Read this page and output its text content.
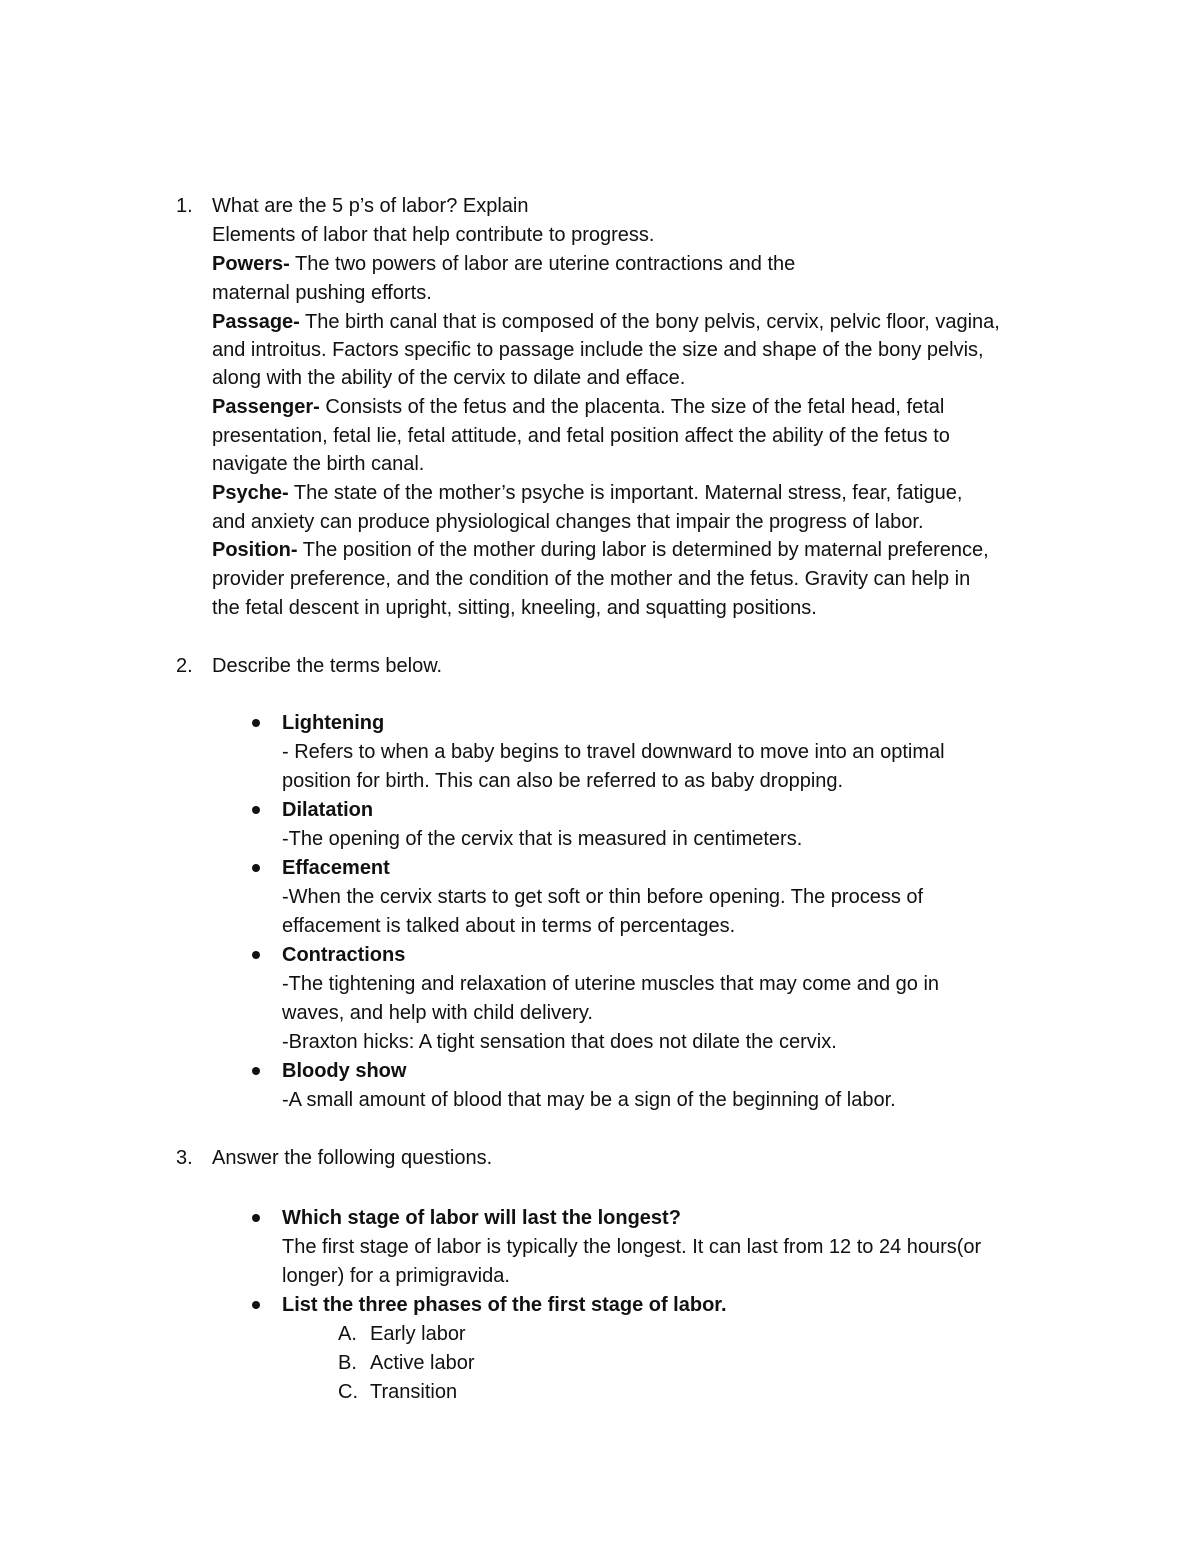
1. What are the 5 p’s of labor? Explain
Elements of labor that help contribute to progress.
Powers- The two powers of labor are uterine contractions and the
maternal pushing efforts.
Passage- The birth canal that is composed of the bony pelvis, cervix, pelvic floor, vagina,
and introitus. Factors specific to passage include the size and shape of the bony pelvis,
along with the ability of the cervix to dilate and efface.
Passenger- Consists of the fetus and the placenta. The size of the fetal head, fetal
presentation, fetal lie, fetal attitude, and fetal position affect the ability of the fetus to
navigate the birth canal.
Psyche- The state of the mother’s psyche is important. Maternal stress, fear, fatigue,
and anxiety can produce physiological changes that impair the progress of labor.
Position- The position of the mother during labor is determined by maternal preference,
provider preference, and the condition of the mother and the fetus. Gravity can help in
the fetal descent in upright, sitting, kneeling, and squatting positions.
2. Describe the terms below.
Lightening
- Refers to when a baby begins to travel downward to move into an optimal
position for birth. This can also be referred to as baby dropping.
Dilatation
-The opening of the cervix that is measured in centimeters.
Effacement
-When the cervix starts to get soft or thin before opening. The process of
effacement is talked about in terms of percentages.
Contractions
-The tightening and relaxation of uterine muscles that may come and go in
waves, and help with child delivery.
-Braxton hicks: A tight sensation that does not dilate the cervix.
Bloody show
-A small amount of blood that may be a sign of the beginning of labor.
3. Answer the following questions.
Which stage of labor will last the longest?
The first stage of labor is typically the longest. It can last from 12 to 24 hours(or
longer) for a primigravida.
List the three phases of the first stage of labor.
A. Early labor
B. Active labor
C. Transition
